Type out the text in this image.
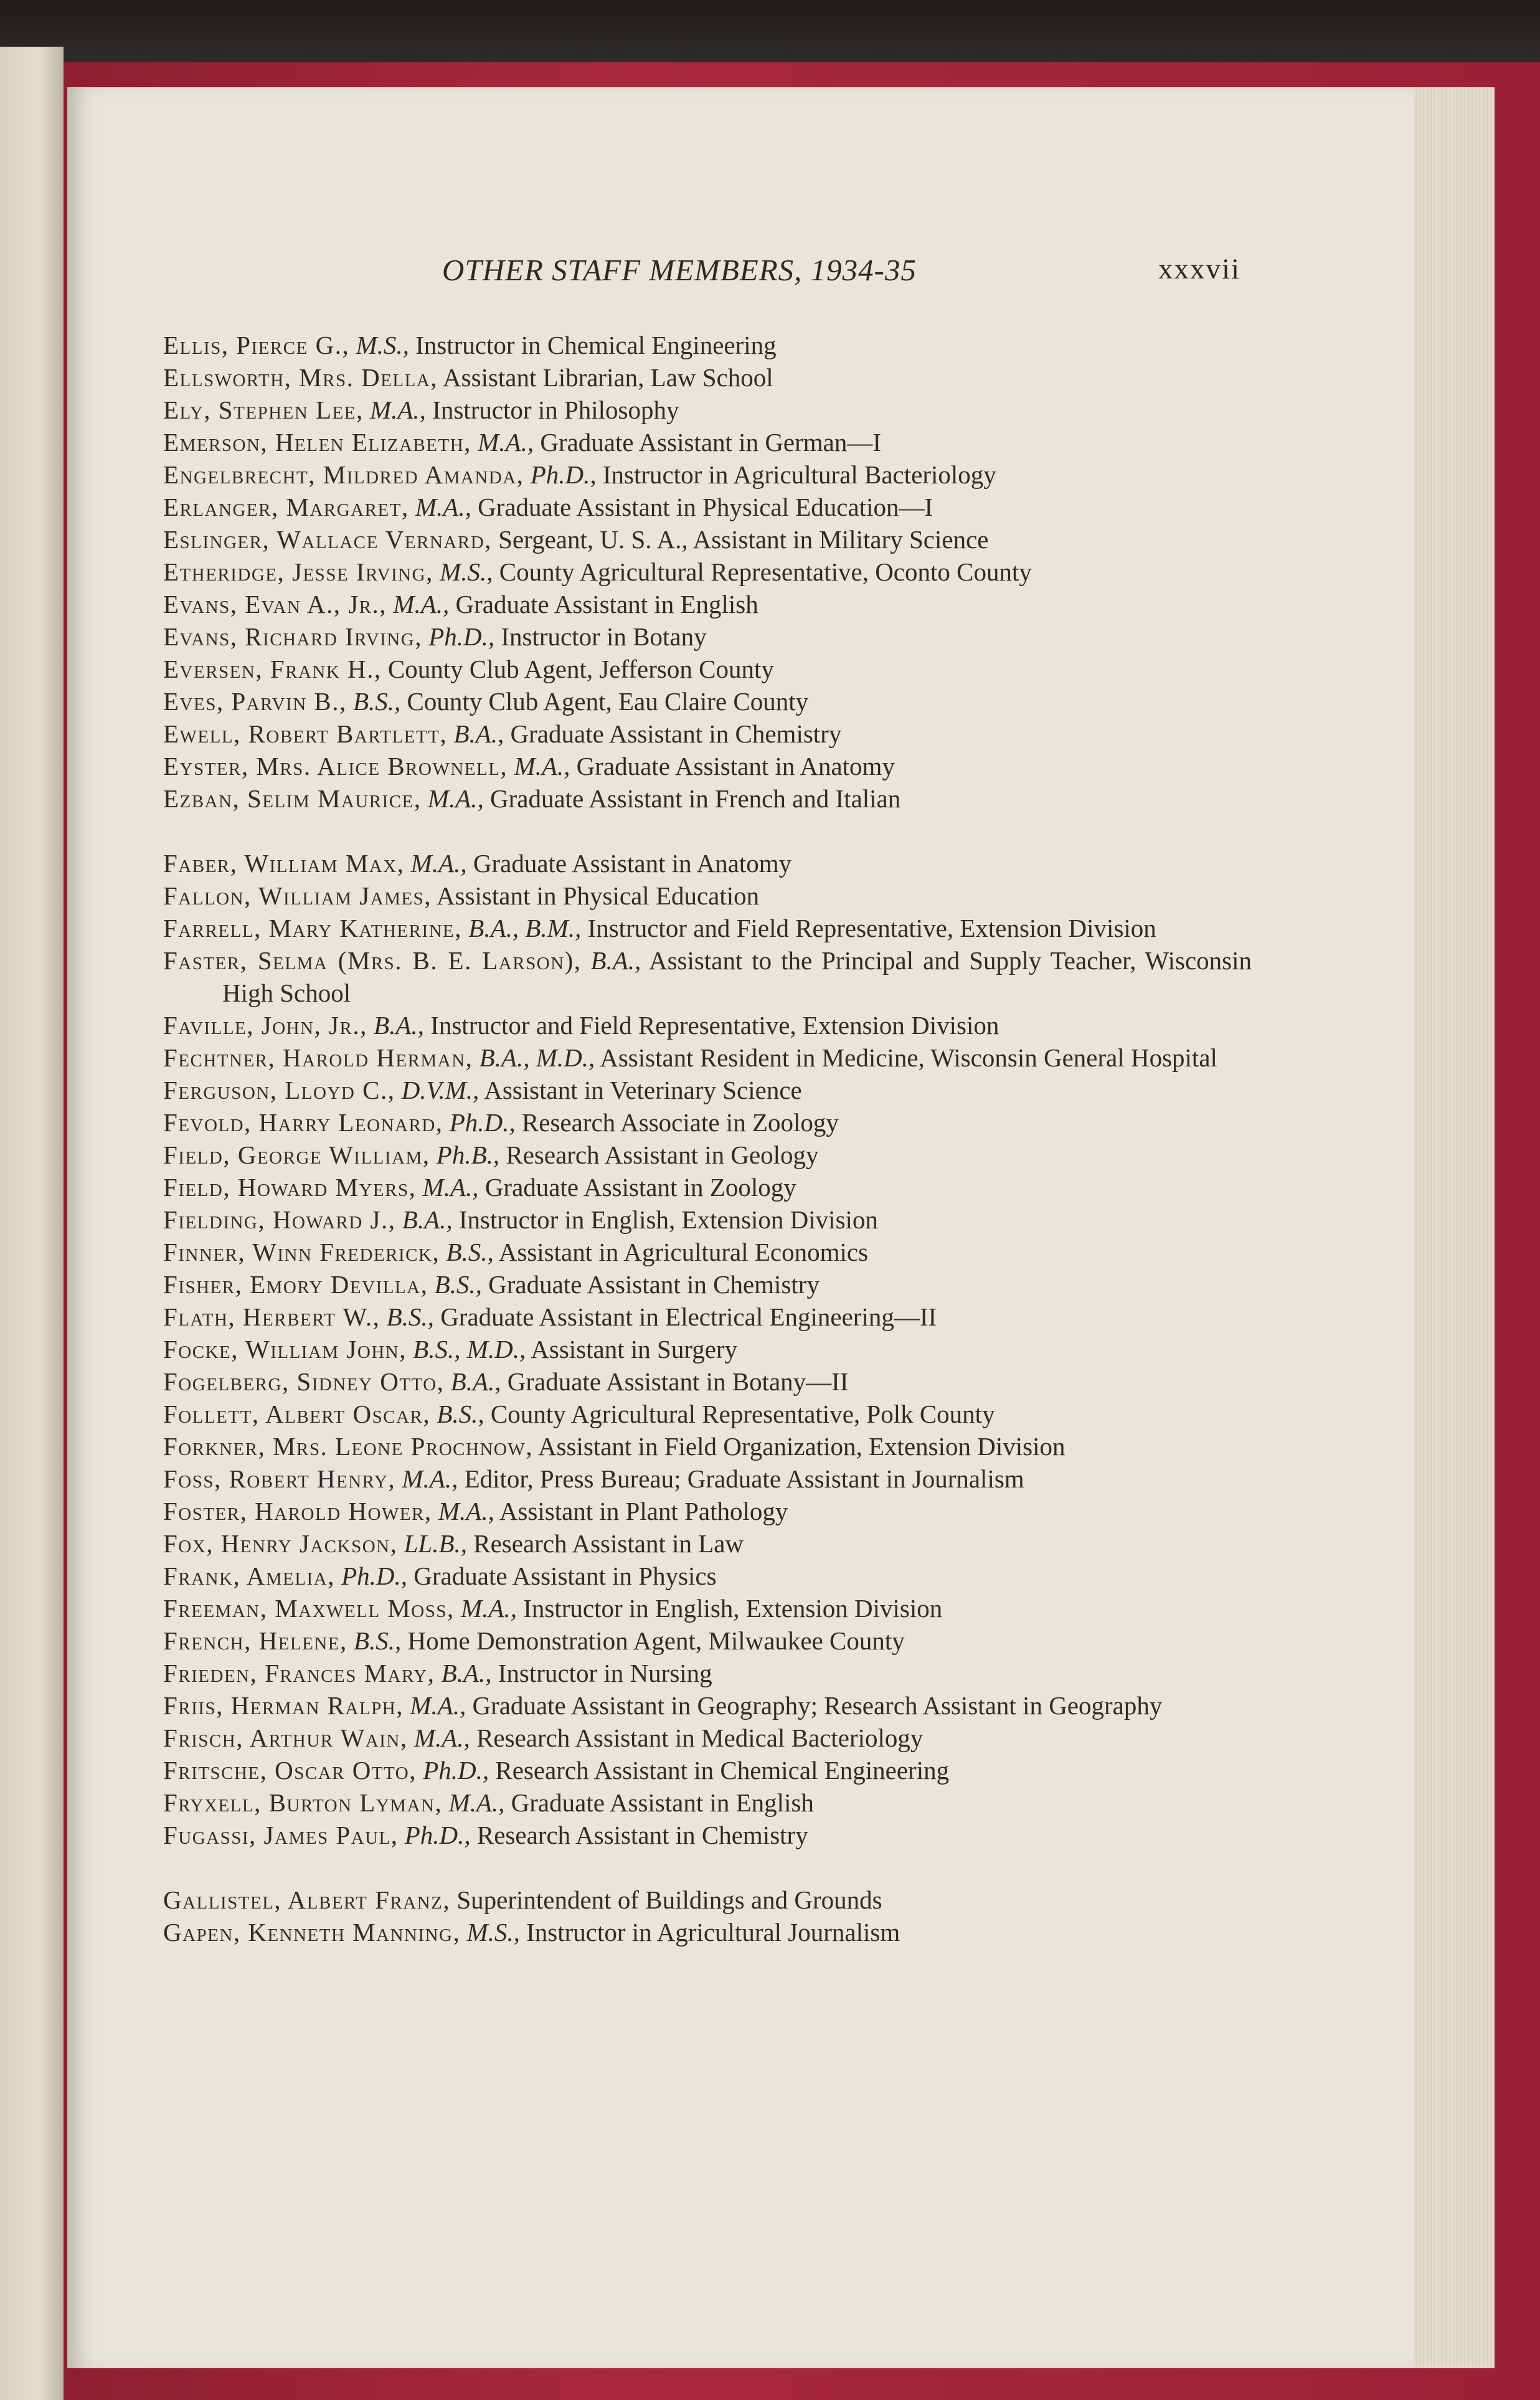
OTHER STAFF MEMBERS, 1934-35	xxxvii
Ellis, Pierce G., M.S., Instructor in Chemical Engineering
Ellsworth, Mrs. Della, Assistant Librarian, Law School
Ely, Stephen Lee, M.A., Instructor in Philosophy
Emerson, Helen Elizabeth, M.A., Graduate Assistant in German—I
Engelbrecht, Mildred Amanda, Ph.D., Instructor in Agricultural Bacteriology
Erlanger, Margaret, M.A., Graduate Assistant in Physical Education—I
Eslinger, Wallace Vernard, Sergeant, U. S. A., Assistant in Military Science
Etheridge, Jesse Irving, M.S., County Agricultural Representative, Oconto County
Evans, Evan A., Jr., M.A., Graduate Assistant in English
Evans, Richard Irving, Ph.D., Instructor in Botany
Eversen, Frank H., County Club Agent, Jefferson County
Eves, Parvin B., B.S., County Club Agent, Eau Claire County
Ewell, Robert Bartlett, B.A., Graduate Assistant in Chemistry
Eyster, Mrs. Alice Brownell, M.A., Graduate Assistant in Anatomy
Ezban, Selim Maurice, M.A., Graduate Assistant in French and Italian
Faber, William Max, M.A., Graduate Assistant in Anatomy
Fallon, William James, Assistant in Physical Education
Farrell, Mary Katherine, B.A., B.M., Instructor and Field Representative, Extension Division
Faster, Selma (Mrs. B. E. Larson), B.A., Assistant to the Principal and Supply Teacher, Wisconsin High School
Faville, John, Jr., B.A., Instructor and Field Representative, Extension Division
Fechtner, Harold Herman, B.A., M.D., Assistant Resident in Medicine, Wisconsin General Hospital
Ferguson, Lloyd C., D.V.M., Assistant in Veterinary Science
Fevold, Harry Leonard, Ph.D., Research Associate in Zoology
Field, George William, Ph.B., Research Assistant in Geology
Field, Howard Myers, M.A., Graduate Assistant in Zoology
Fielding, Howard J., B.A., Instructor in English, Extension Division
Finner, Winn Frederick, B.S., Assistant in Agricultural Economics
Fisher, Emory Devilla, B.S., Graduate Assistant in Chemistry
Flath, Herbert W., B.S., Graduate Assistant in Electrical Engineering—II
Focke, William John, B.S., M.D., Assistant in Surgery
Fogelberg, Sidney Otto, B.A., Graduate Assistant in Botany—II
Follett, Albert Oscar, B.S., County Agricultural Representative, Polk County
Forkner, Mrs. Leone Prochnow, Assistant in Field Organization, Extension Division
Foss, Robert Henry, M.A., Editor, Press Bureau; Graduate Assistant in Journalism
Foster, Harold Hower, M.A., Assistant in Plant Pathology
Fox, Henry Jackson, LL.B., Research Assistant in Law
Frank, Amelia, Ph.D., Graduate Assistant in Physics
Freeman, Maxwell Moss, M.A., Instructor in English, Extension Division
French, Helene, B.S., Home Demonstration Agent, Milwaukee County
Frieden, Frances Mary, B.A., Instructor in Nursing
Friis, Herman Ralph, M.A., Graduate Assistant in Geography; Research Assistant in Geography
Frisch, Arthur Wain, M.A., Research Assistant in Medical Bacteriology
Fritsche, Oscar Otto, Ph.D., Research Assistant in Chemical Engineering
Fryxell, Burton Lyman, M.A., Graduate Assistant in English
Fugassi, James Paul, Ph.D., Research Assistant in Chemistry
Gallistel, Albert Franz, Superintendent of Buildings and Grounds
Gapen, Kenneth Manning, M.S., Instructor in Agricultural Journalism
